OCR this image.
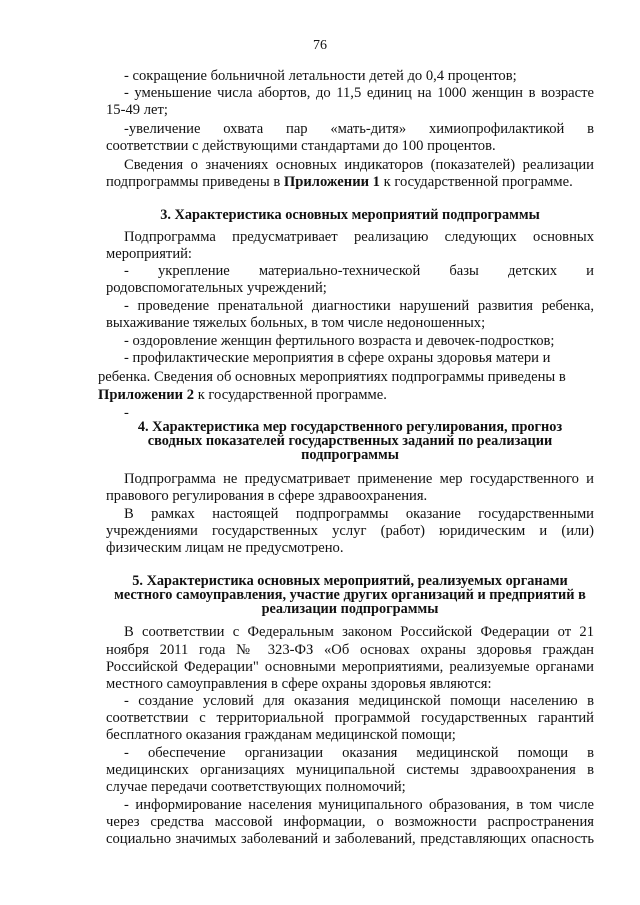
76
- сокращение больничной летальности детей до 0,4 процентов;
- уменьшение числа абортов, до 11,5 единиц на 1000 женщин в возрасте
15-49 лет;
-увеличение охвата пар «мать-дитя» химиопрофилактикой в
соответствии с действующими стандартами до 100 процентов.
Сведения о значениях основных индикаторов (показателей) реализации
подпрограммы приведены в Приложении 1 к государственной программе.
3. Характеристика основных мероприятий подпрограммы
Подпрограмма предусматривает реализацию следующих основных
мероприятий:
- укрепление материально-технической базы детских и
родовспомогательных учреждений;
- проведение пренатальной диагностики нарушений развития ребенка,
выхаживание тяжелых больных, в том числе недоношенных;
- оздоровление женщин фертильного возраста и девочек-подростков;
- профилактические мероприятия в сфере охраны здоровья матери и
ребенка. Сведения об основных мероприятиях подпрограммы приведены в
Приложении 2 к государственной программе.
-
4. Характеристика мер государственного регулирования, прогноз
сводных показателей государственных заданий по реализации
подпрограммы
Подпрограмма не предусматривает применение мер государственного и
правового регулирования в сфере здравоохранения.
В рамках настоящей подпрограммы оказание государственными
учреждениями государственных услуг (работ) юридическим и (или)
физическим лицам не предусмотрено.
5. Характеристика основных мероприятий, реализуемых органами
местного самоуправления, участие других организаций и предприятий в
реализации подпрограммы
В соответствии с Федеральным законом Российской Федерации от 21
ноября 2011 года № 323-ФЗ «Об основах охраны здоровья граждан
Российской Федерации" основными мероприятиями, реализуемые органами
местного самоуправления в сфере охраны здоровья являются:
- создание условий для оказания медицинской помощи населению в
соответствии с территориальной программой государственных гарантий
бесплатного оказания гражданам медицинской помощи;
- обеспечение организации оказания медицинской помощи в
медицинских организациях муниципальной системы здравоохранения в
случае передачи соответствующих полномочий;
- информирование населения муниципального образования, в том числе
через средства массовой информации, о возможности распространения
социально значимых заболеваний и заболеваний, представляющих опасность
